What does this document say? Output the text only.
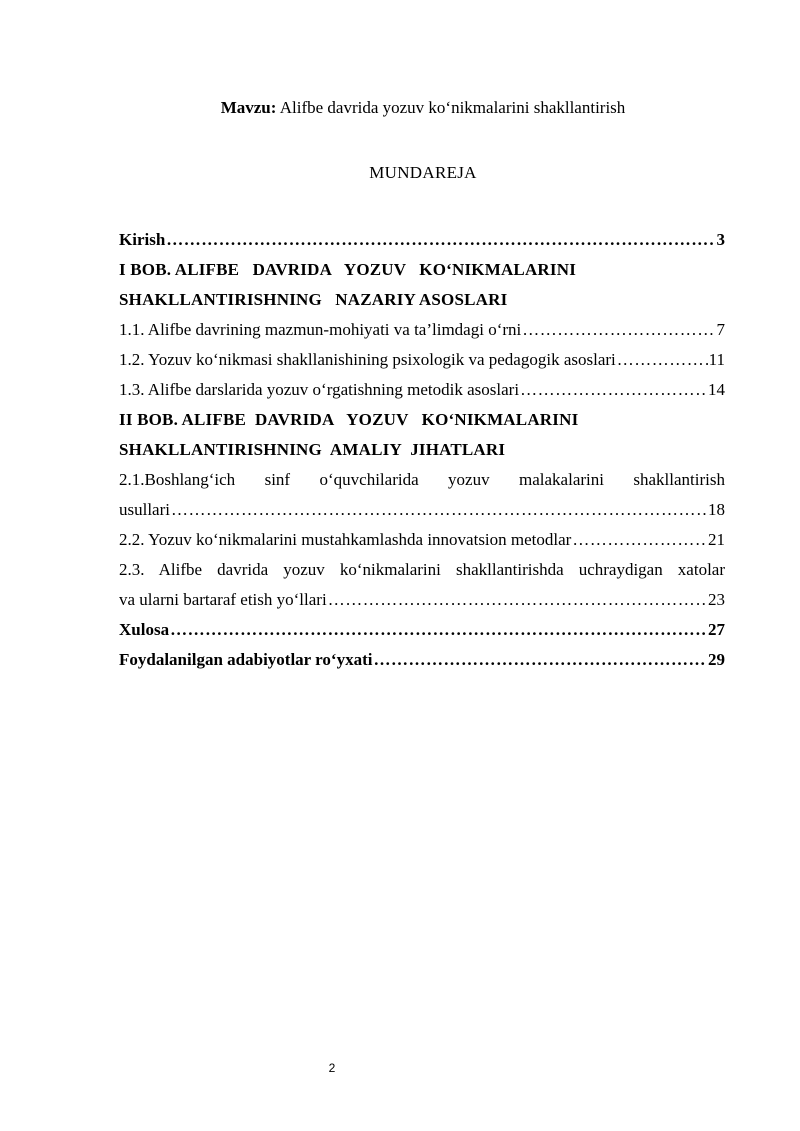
Mavzu: Alifbe davrida yozuv ko‘nikmalarini shakllantirish
MUNDAREJA
Kirish ……………………………………………………………………………………………………………………………………………	3
I BOB. ALIFBE   DAVRIDA   YOZUV   KO‘NIKMALARINI
SHAKLLANTIRISHNING   NAZARIY ASOSLARI
1.1. Alifbe davrining mazmun-mohiyati va ta’limdagi o‘rni ……………………………………………………………………………………………………………………………………………	7
1.2. Yozuv ko‘nikmasi shakllanishining psixologik va pedagogik asoslari ……………………………………………………………………………………………………………………………………………	11
1.3. Alifbe darslarida yozuv o‘rgatishning metodik asoslari ……………………………………………………………………………………………………………………………………………	14
II BOB. ALIFBE  DAVRIDA   YOZUV   KO‘NIKMALARINI
SHAKLLANTIRISHNING  AMALIY  JIHATLARI
2.1.Boshlang‘ich sinf o‘quvchilarida yozuv malakalarini shakllantirish
usullari ……………………………………………………………………………………………………………………………………………	18
2.2. Yozuv ko‘nikmalarini mustahkamlashda innovatsion metodlar ……………………………………………………………………………………………………………………………………………	21
2.3. Alifbe davrida yozuv ko‘nikmalarini shakllantirishda uchraydigan xatolar
va ularni bartaraf etish yo‘llari ……………………………………………………………………………………………………………………………………………	23
Xulosa ……………………………………………………………………………………………………………………………………………	27
Foydalanilgan adabiyotlar ro‘yxati ……………………………………………………………………………………………………………………………………………	29
2
